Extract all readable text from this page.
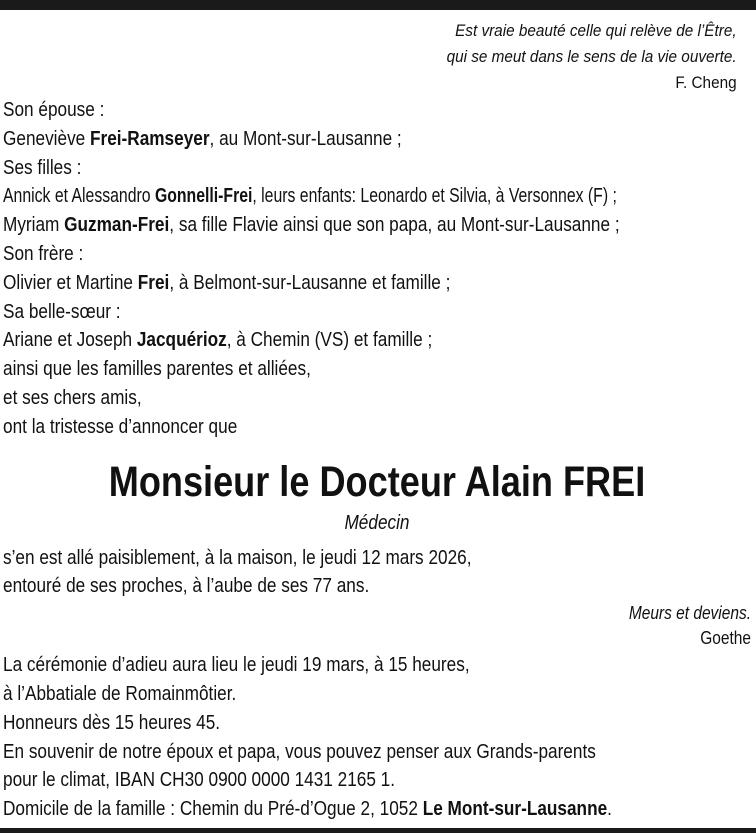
Est vraie beauté celle qui relève de l’Être,
qui se meut dans le sens de la vie ouverte.
F. Cheng
Son épouse :
Geneviève Frei-Ramseyer, au Mont-sur-Lausanne ;
Ses filles :
Annick et Alessandro Gonnelli-Frei, leurs enfants: Leonardo et Silvia, à Versonnex (F) ;
Myriam Guzman-Frei, sa fille Flavie ainsi que son papa, au Mont-sur-Lausanne ;
Son frère :
Olivier et Martine Frei, à Belmont-sur-Lausanne et famille ;
Sa belle-sœur :
Ariane et Joseph Jacquérioz, à Chemin (VS) et famille ;
ainsi que les familles parentes et alliées,
et ses chers amis,
ont la tristesse d’annoncer que
Monsieur le Docteur Alain FREI
Médecin
s’en est allé paisiblement, à la maison, le jeudi 12 mars 2026,
entouré de ses proches, à l’aube de ses 77 ans.
Meurs et deviens.
Goethe
La cérémonie d’adieu aura lieu le jeudi 19 mars, à 15 heures,
à l’Abbatiale de Romainmôtier.
Honneurs dès 15 heures 45.
En souvenir de notre époux et papa, vous pouvez penser aux Grands-parents
pour le climat, IBAN CH30 0900 0000 1431 2165 1.
Domicile de la famille : Chemin du Pré-d’Ogue 2, 1052 Le Mont-sur-Lausanne.
